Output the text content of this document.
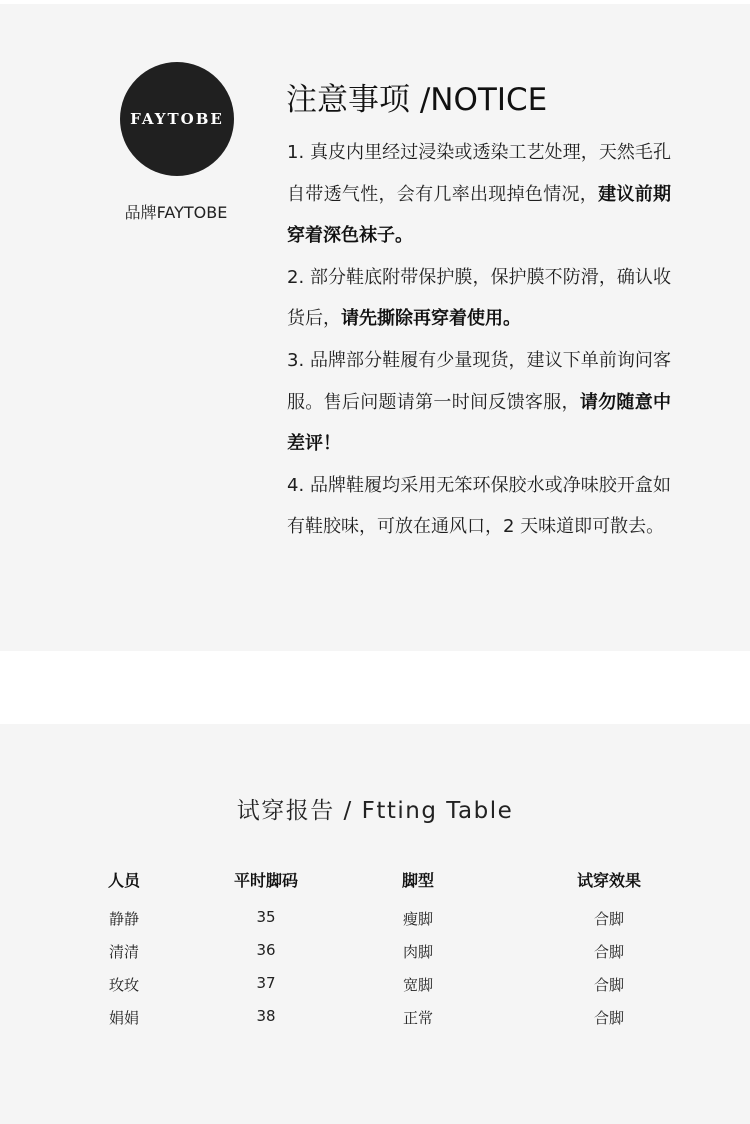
FAYTOBE
品牌FAYTOBE
注意事项 /NOTICE

1. 真皮内里经过浸染或透染工艺处理，天然毛孔自带透气性，会有几率出现掉色情况，建议前期穿着深色袜子。

2. 部分鞋底附带保护膜，保护膜不防滑，确认收货后，请先撕除再穿着使用。

3. 品牌部分鞋履有少量现货，建议下单前询问客服。售后问题请第一时间反馈客服，请勿随意中差评！

4. 品牌鞋履均采用无笨环保胶水或净味胶开盒如有鞋胶味，可放在通风口，2 天味道即可散去。

试穿报告 / Ftting Table
人员	平时脚码	脚型	试穿效果
静静	35	瘦脚	合脚
清清	36	肉脚	合脚
玫玫	37	宽脚	合脚
娟娟	38	正常	合脚
